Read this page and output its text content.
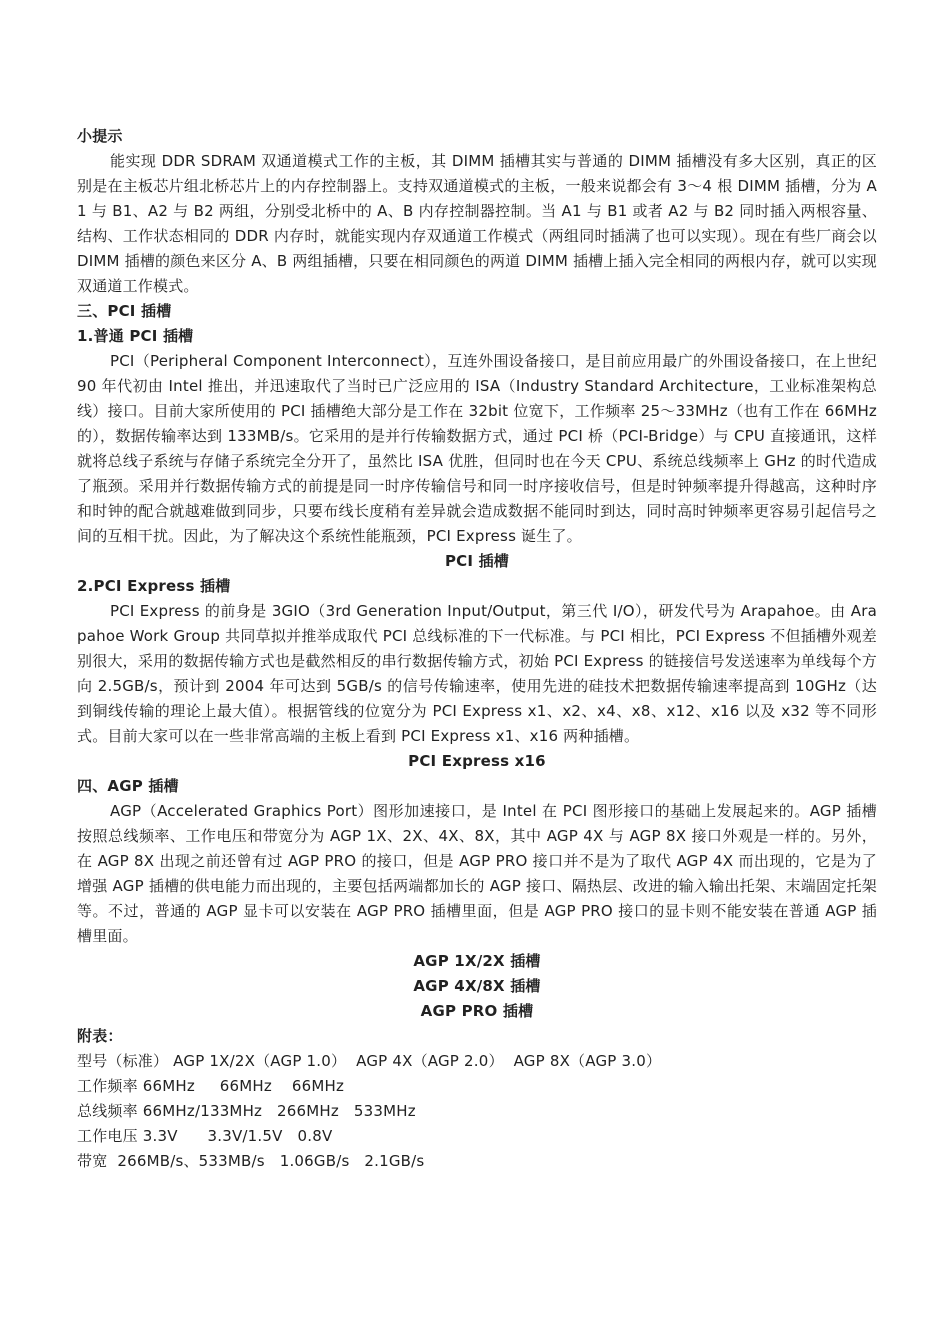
小提示

能实现 DDR SDRAM 双通道模式工作的主板，其 DIMM 插槽其实与普通的 DIMM 插槽没有多大区别，真正的区别是在主板芯片组北桥芯片上的内存控制器上。支持双通道模式的主板，一般来说都会有 3～4 根 DIMM 插槽，分为 A1 与 B1、A2 与 B2 两组，分别受北桥中的 A、B 内存控制器控制。当 A1 与 B1 或者 A2 与 B2 同时插入两根容量、结构、工作状态相同的 DDR 内存时，就能实现内存双通道工作模式（两组同时插满了也可以实现）。现在有些厂商会以 DIMM 插槽的颜色来区分 A、B 两组插槽，只要在相同颜色的两道 DIMM 插槽上插入完全相同的两根内存，就可以实现双通道工作模式。

三、PCI 插槽

1.普通 PCI 插槽

PCI（Peripheral Component Interconnect），互连外围设备接口，是目前应用最广的外围设备接口，在上世纪 90 年代初由 Intel 推出，并迅速取代了当时已广泛应用的 ISA（Industry Standard Architecture，工业标准架构总线）接口。目前大家所使用的 PCI 插槽绝大部分是工作在 32bit 位宽下，工作频率 25～33MHz（也有工作在 66MHz 的），数据传输率达到 133MB/s。它采用的是并行传输数据方式，通过 PCI 桥（PCI-Bridge）与 CPU 直接通讯，这样就将总线子系统与存储子系统完全分开了，虽然比 ISA 优胜，但同时也在今天 CPU、系统总线频率上 GHz 的时代造成了瓶颈。采用并行数据传输方式的前提是同一时序传输信号和同一时序接收信号，但是时钟频率提升得越高，这种时序和时钟的配合就越难做到同步，只要布线长度稍有差异就会造成数据不能同时到达，同时高时钟频率更容易引起信号之间的互相干扰。因此，为了解决这个系统性能瓶颈，PCI Express 诞生了。

PCI 插槽

2.PCI Express 插槽

PCI Express 的前身是 3GIO（3rd Generation Input/Output，第三代 I/O），研发代号为 Arapahoe。由 Arapahoe Work Group 共同草拟并推举成取代 PCI 总线标准的下一代标准。与 PCI 相比，PCI Express 不但插槽外观差别很大，采用的数据传输方式也是截然相反的串行数据传输方式，初始 PCI Express 的链接信号发送速率为单线每个方向 2.5GB/s，预计到 2004 年可达到 5GB/s 的信号传输速率，使用先进的硅技术把数据传输速率提高到 10GHz（达到铜线传输的理论上最大值）。根据管线的位宽分为 PCI Express x1、x2、x4、x8、x12、x16 以及 x32 等不同形式。目前大家可以在一些非常高端的主板上看到 PCI Express x1、x16 两种插槽。

PCI Express x16

四、AGP 插槽

AGP（Accelerated Graphics Port）图形加速接口，是 Intel 在 PCI 图形接口的基础上发展起来的。AGP 插槽按照总线频率、工作电压和带宽分为 AGP 1X、2X、4X、8X，其中 AGP 4X 与 AGP 8X 接口外观是一样的。另外，在 AGP 8X 出现之前还曾有过 AGP PRO 的接口，但是 AGP PRO 接口并不是为了取代 AGP 4X 而出现的，它是为了增强 AGP 插槽的供电能力而出现的，主要包括两端都加长的 AGP 接口、隔热层、改进的输入输出托架、末端固定托架等。不过，普通的 AGP 显卡可以安装在 AGP PRO 插槽里面，但是 AGP PRO 接口的显卡则不能安装在普通 AGP 插槽里面。

AGP 1X/2X 插槽

AGP 4X/8X 插槽

AGP PRO 插槽

附表：

型号（标准） AGP 1X/2X（AGP 1.0）  AGP 4X（AGP 2.0）  AGP 8X（AGP 3.0）

工作频率 66MHz     66MHz    66MHz

总线频率 66MHz/133MHz   266MHz   533MHz

工作电压 3.3V      3.3V/1.5V   0.8V

带宽  266MB/s、533MB/s   1.06GB/s   2.1GB/s
